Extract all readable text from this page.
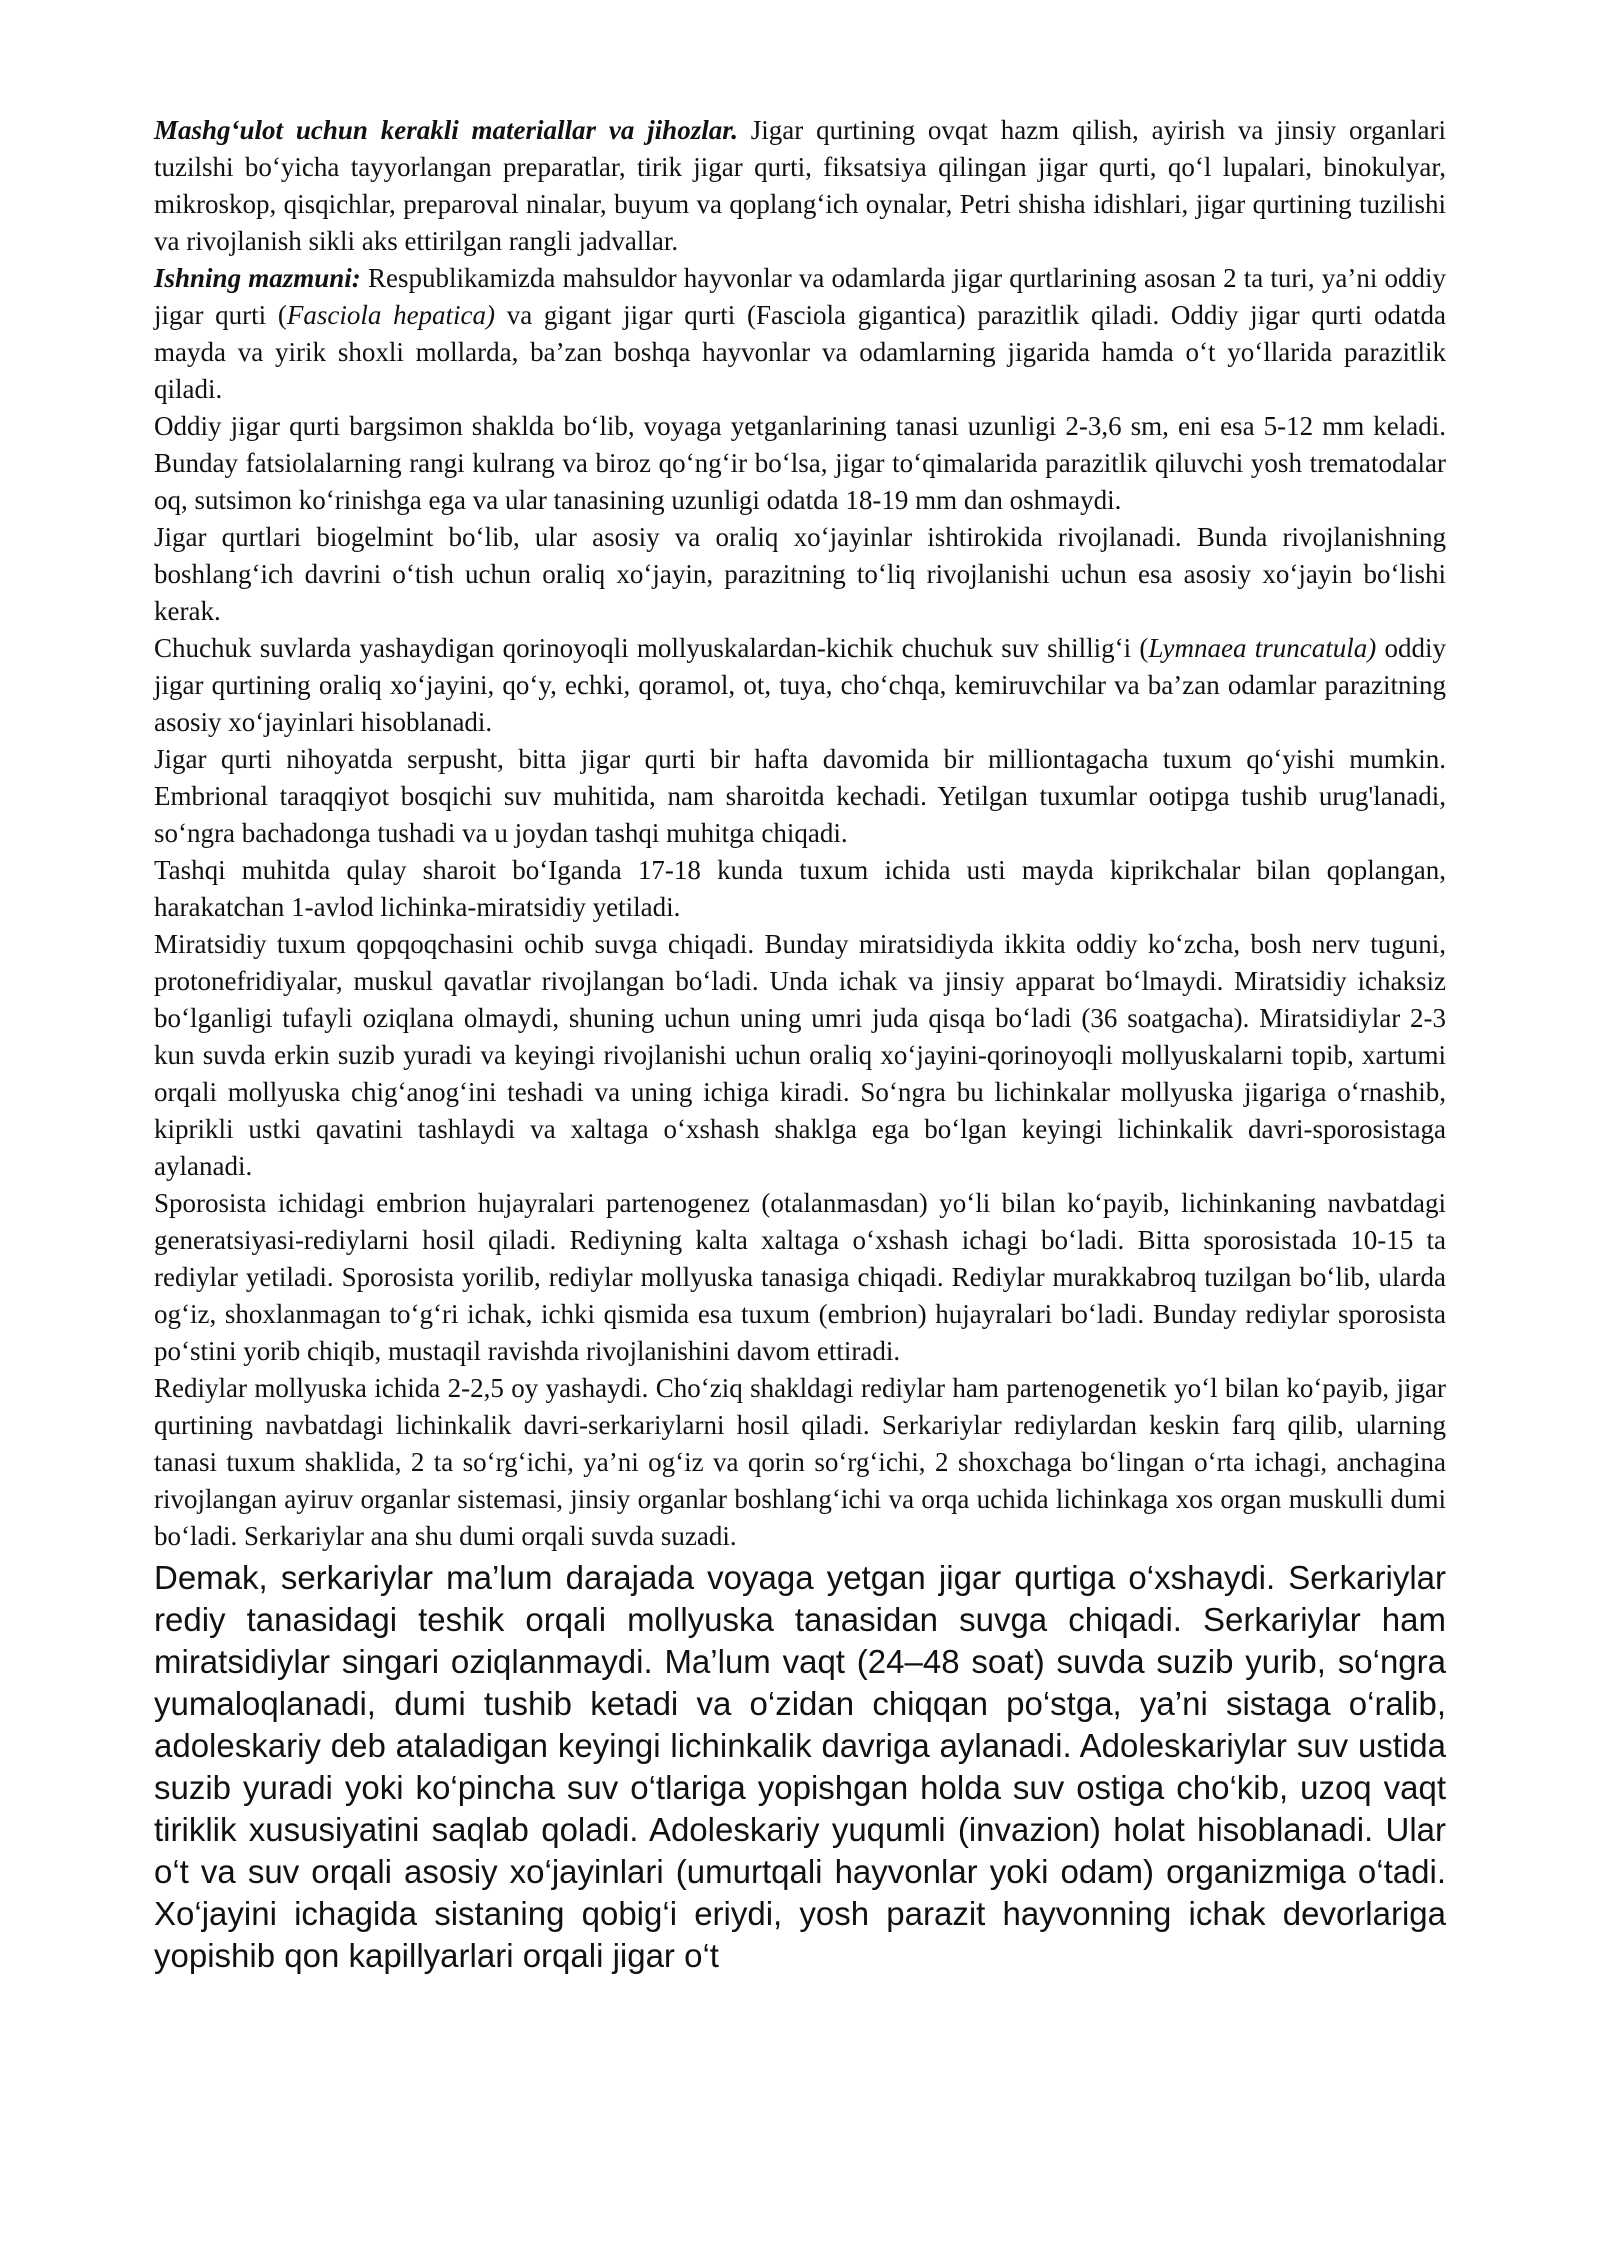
Mashg‘ulot uchun kerakli materiallar va jihozlar. Jigar qurtining ovqat hazm qilish, ayirish va jinsiy organlari tuzilshi bo‘yicha tayyorlangan preparatlar, tirik jigar qurti, fiksatsiya qilingan jigar qurti, qo‘l lupalari, binokulyar, mikroskop, qisqichlar, preparoval ninalar, buyum va qoplang‘ich oynalar, Petri shisha idishlari, jigar qurtining tuzilishi va rivojlanish sikli aks ettirilgan rangli jadvallar.

Ishning mazmuni: Respublikamizda mahsuldor hayvonlar va odamlarda jigar qurtlarining asosan 2 ta turi, ya’ni oddiy jigar qurti (Fasciola hepatica) va gigant jigar qurti (Fasciola gigantica) parazitlik qiladi. Oddiy jigar qurti odatda mayda va yirik shoxli mollarda, ba’zan boshqa hayvonlar va odamlarning jigarida hamda o‘t yo‘llarida parazitlik qiladi.

Oddiy jigar qurti bargsimon shaklda bo‘lib, voyaga yetganlarining tanasi uzunligi 2-3,6 sm, eni esa 5-12 mm keladi. Bunday fatsiolalarning rangi kulrang va biroz qo‘ng‘ir bo‘lsa, jigar to‘qimalarida parazitlik qiluvchi yosh trematodalar oq, sutsimon ko‘rinishga ega va ular tanasining uzunligi odatda 18-19 mm dan oshmaydi.

Jigar qurtlari biogelmint bo‘lib, ular asosiy va oraliq xo‘jayinlar ishtirokida rivojlanadi. Bunda rivojlanishning boshlang‘ich davrini o‘tish uchun oraliq xo‘jayin, parazitning to‘liq rivojlanishi uchun esa asosiy xo‘jayin bo‘lishi kerak.

Chuchuk suvlarda yashaydigan qorinoyoqli mollyuskalardan-kichik chuchuk suv shillig‘i (Lymnaea truncatula) oddiy jigar qurtining oraliq xo‘jayini, qo‘y, echki, qoramol, ot, tuya, cho‘chqa, kemiruvchilar va ba’zan odamlar parazitning asosiy xo‘jayinlari hisoblanadi.

Jigar qurti nihoyatda serpusht, bitta jigar qurti bir hafta davomida bir milliontagacha tuxum qo‘yishi mumkin. Embrional taraqqiyot bosqichi suv muhitida, nam sharoitda kechadi. Yetilgan tuxumlar ootipga tushib urug'lanadi, so‘ngra bachadonga tushadi va u joydan tashqi muhitga chiqadi.

Tashqi muhitda qulay sharoit bo‘Iganda 17-18 kunda tuxum ichida usti mayda kiprikchalar bilan qoplangan, harakatchan 1-avlod lichinka-miratsidiy yetiladi.

Miratsidiy tuxum qopqoqchasini ochib suvga chiqadi. Bunday miratsidiyda ikkita oddiy ko‘zcha, bosh nerv tuguni, protonefridiyalar, muskul qavatlar rivojlangan bo‘ladi. Unda ichak va jinsiy apparat bo‘lmaydi. Miratsidiy ichaksiz bo‘lganligi tufayli oziqlana olmaydi, shuning uchun uning umri juda qisqa bo‘ladi (36 soatgacha). Miratsidiylar 2-3 kun suvda erkin suzib yuradi va keyingi rivojlanishi uchun oraliq xo‘jayini-qorinoyoqli mollyuskalarni topib, xartumi orqali mollyuska chig‘anog‘ini teshadi va uning ichiga kiradi. So‘ngra bu lichinkalar mollyuska jigariga o‘rnashib, kiprikli ustki qavatini tashlaydi va xaltaga o‘xshash shaklga ega bo‘lgan keyingi lichinkalik davri-sporosistaga aylanadi.

Sporosista ichidagi embrion hujayralari partenogenez (otalanmasdan) yo‘li bilan ko‘payib, lichinkaning navbatdagi generatsiyasi-rediylarni hosil qiladi. Rediyning kalta xaltaga o‘xshash ichagi bo‘ladi. Bitta sporosistada 10-15 ta rediylar yetiladi. Sporosista yorilib, rediylar mollyuska tanasiga chiqadi. Rediylar murakkabroq tuzilgan bo‘lib, ularda og‘iz, shoxlanmagan to‘g‘ri ichak, ichki qismida esa tuxum (embrion) hujayralari bo‘ladi. Bunday rediylar sporosista po‘stini yorib chiqib, mustaqil ravishda rivojlanishini davom ettiradi.

Rediylar mollyuska ichida 2-2,5 oy yashaydi. Cho‘ziq shakldagi rediylar ham partenogenetik yo‘l bilan ko‘payib, jigar qurtining navbatdagi lichinkalik davri-serkariylarni hosil qiladi. Serkariylar rediylardan keskin farq qilib, ularning tanasi tuxum shaklida, 2 ta so‘rg‘ichi, ya’ni og‘iz va qorin so‘rg‘ichi, 2 shoxchaga bo‘lingan o‘rta ichagi, anchagina rivojlangan ayiruv organlar sistemasi, jinsiy organlar boshlang‘ichi va orqa uchida lichinkaga xos organ muskulli dumi bo‘ladi. Serkariylar ana shu dumi orqali suvda suzadi.

Demak, serkariylar ma’lum darajada voyaga yetgan jigar qurtiga o‘xshaydi. Serkariylar rediy tanasidagi teshik orqali mollyuska tanasidan suvga chiqadi. Serkariylar ham miratsidiylar singari oziqlanmaydi. Ma’lum vaqt (24–48 soat) suvda suzib yurib, so‘ngra yumaloqlanadi, dumi tushib ketadi va o‘zidan chiqqan po‘stga, ya’ni sistaga o‘ralib, adoleskariy deb ataladigan keyingi lichinkalik davriga aylanadi. Adoleskariylar suv ustida suzib yuradi yoki ko‘pincha suv o‘tlariga yopishgan holda suv ostiga cho‘kib, uzoq vaqt tiriklik xususiyatini saqlab qoladi. Adoleskariy yuqumli (invazion) holat hisoblanadi. Ular o‘t va suv orqali asosiy xo‘jayinlari (umurtqali hayvonlar yoki odam) organizmiga o‘tadi. Xo‘jayini ichagida sistaning qobig‘i eriydi, yosh parazit hayvonning ichak devorlariga yopishib qon kapillyarlari orqali jigar o‘t
